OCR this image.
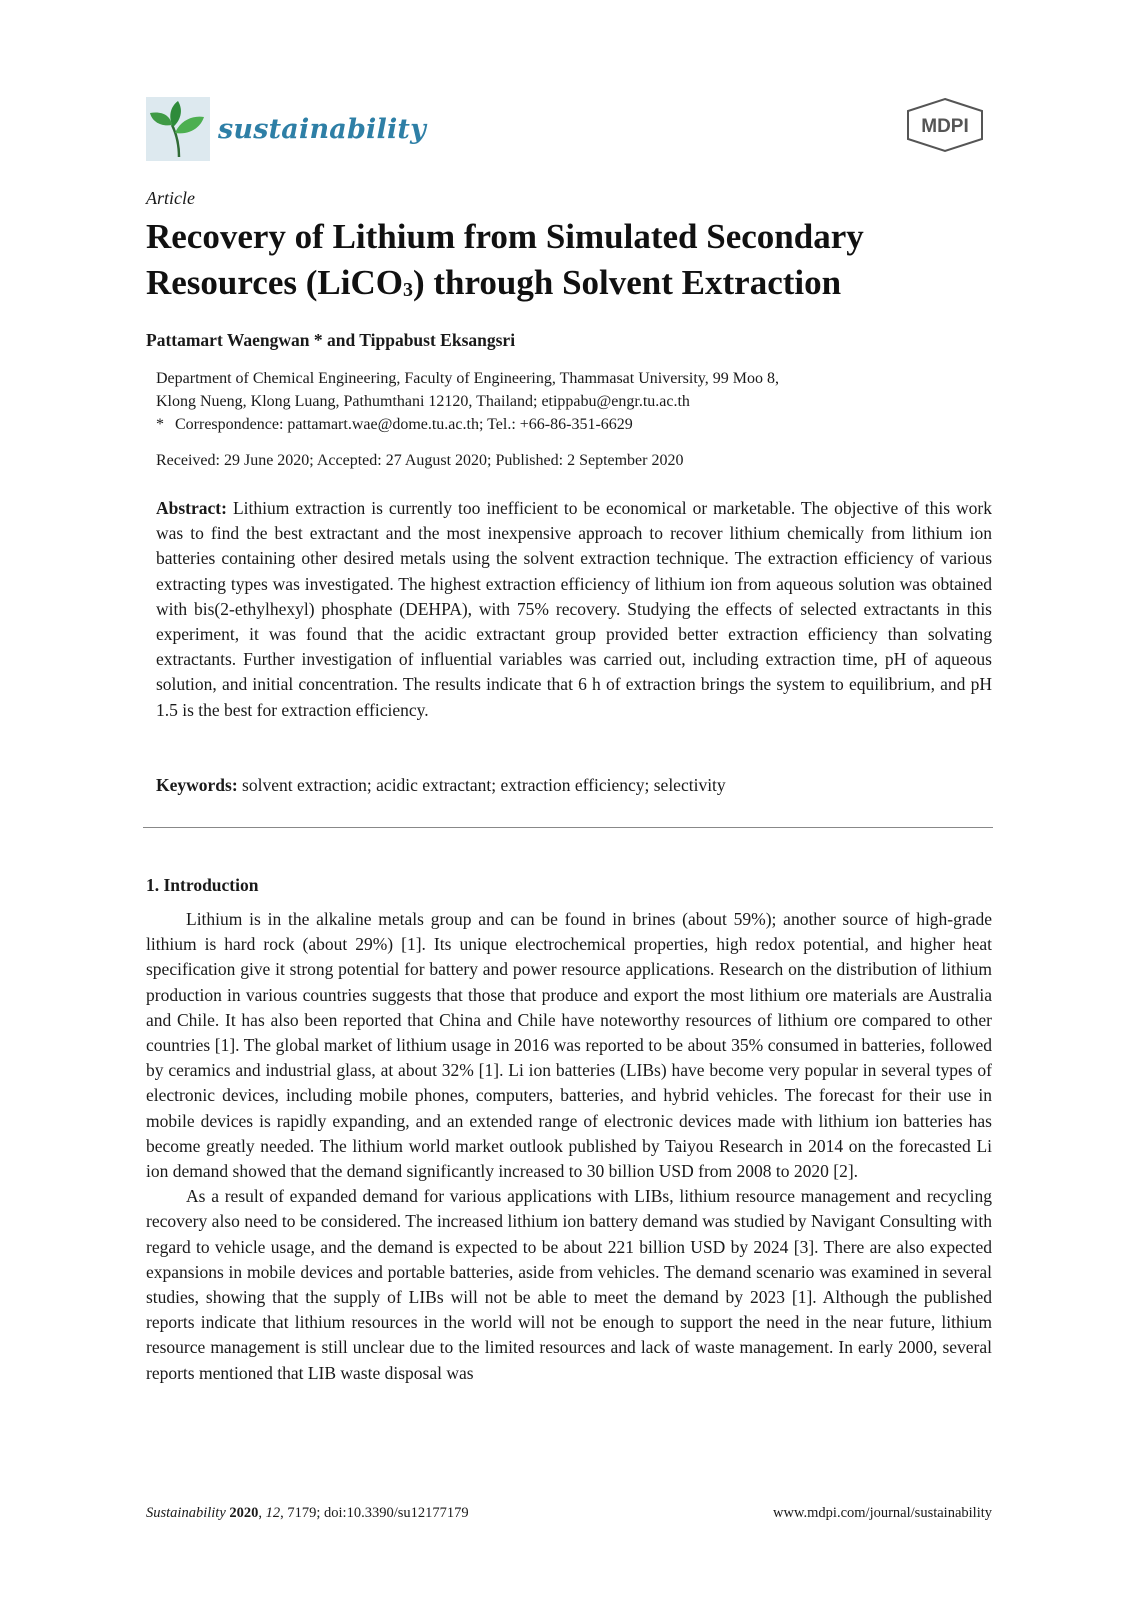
sustainability	MDPI
Article
Recovery of Lithium from Simulated Secondary Resources (LiCO$_3$) through Solvent Extraction
Pattamart Waengwan * and Tippabust Eksangsri

Department of Chemical Engineering, Faculty of Engineering, Thammasat University, 99 Moo 8,

Klong Nueng, Klong Luang, Pathumthani 12120, Thailand; etippabu@engr.tu.ac.th

* Correspondence: pattamart.wae@dome.tu.ac.th; Tel.: +66-86-351-6629

Received: 29 June 2020; Accepted: 27 August 2020; Published: 2 September 2020

Abstract: Lithium extraction is currently too inefficient to be economical or marketable. The objective of this work was to find the best extractant and the most inexpensive approach to recover lithium chemically from lithium ion batteries containing other desired metals using the solvent extraction technique. The extraction efficiency of various extracting types was investigated. The highest extraction efficiency of lithium ion from aqueous solution was obtained with bis(2-ethylhexyl) phosphate (DEHPA), with 75% recovery. Studying the effects of selected extractants in this experiment, it was found that the acidic extractant group provided better extraction efficiency than solvating extractants. Further investigation of influential variables was carried out, including extraction time, pH of aqueous solution, and initial concentration. The results indicate that 6 h of extraction brings the system to equilibrium, and pH 1.5 is the best for extraction efficiency.

Keywords: solvent extraction; acidic extractant; extraction efficiency; selectivity
1. Introduction

Lithium is in the alkaline metals group and can be found in brines (about 59%); another source of high-grade lithium is hard rock (about 29%) [1]. Its unique electrochemical properties, high redox potential, and higher heat specification give it strong potential for battery and power resource applications. Research on the distribution of lithium production in various countries suggests that those that produce and export the most lithium ore materials are Australia and Chile. It has also been reported that China and Chile have noteworthy resources of lithium ore compared to other countries [1]. The global market of lithium usage in 2016 was reported to be about 35% consumed in batteries, followed by ceramics and industrial glass, at about 32% [1]. Li ion batteries (LIBs) have become very popular in several types of electronic devices, including mobile phones, computers, batteries, and hybrid vehicles. The forecast for their use in mobile devices is rapidly expanding, and an extended range of electronic devices made with lithium ion batteries has become greatly needed. The lithium world market outlook published by Taiyou Research in 2014 on the forecasted Li ion demand showed that the demand significantly increased to 30 billion USD from 2008 to 2020 [2].

As a result of expanded demand for various applications with LIBs, lithium resource management and recycling recovery also need to be considered. The increased lithium ion battery demand was studied by Navigant Consulting with regard to vehicle usage, and the demand is expected to be about 221 billion USD by 2024 [3]. There are also expected expansions in mobile devices and portable batteries, aside from vehicles. The demand scenario was examined in several studies, showing that the supply of LIBs will not be able to meet the demand by 2023 [1]. Although the published reports indicate that lithium resources in the world will not be enough to support the need in the near future, lithium resource management is still unclear due to the limited resources and lack of waste management. In early 2000, several reports mentioned that LIB waste disposal was

Sustainability 2020, 12, 7179; doi:10.3390/su12177179	www.mdpi.com/journal/sustainability
